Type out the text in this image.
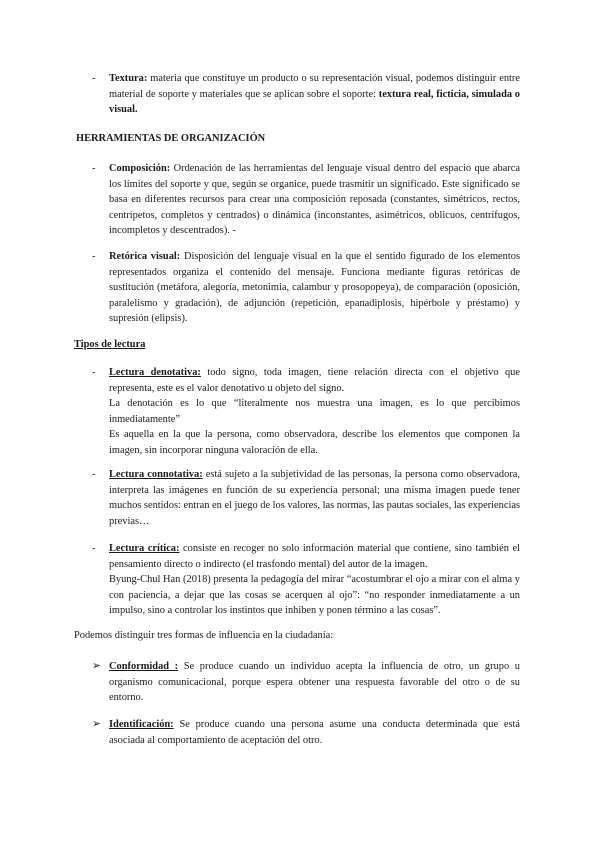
-	Textura: materia que constituye un producto o su representación visual, podemos distinguir entre material de soporte y materiales que se aplican sobre el soporte: textura real, ficticia, simulada o visual.

HERRAMIENTAS DE ORGANIZACIÓN
-	Composición: Ordenación de las herramientas del lenguaje visual dentro del espacio que abarca los límites del soporte y que, según se organice, puede trasmitir un significado. Este significado se basa en diferentes recursos para crear una composición reposada (constantes, simétricos, rectos, centrípetos, completos y centrados) o dinámica (inconstantes, asimétricos, oblicuos, centrífugos, incompletos y descentrados). -

-	Retórica visual: Disposición del lenguaje visual en la que el sentido figurado de los elementos representados organiza el contenido del mensaje. Funciona mediante figuras retóricas de sustitución (metáfora, alegoría, metonimia, calambur y prosopopeya), de comparación (oposición, paralelismo y gradación), de adjunción (repetición, epanadiplosis, hipérbole y préstamo) y supresión (elipsis).

Tipos de lectura
-	Lectura denotativa: todo signo, toda imagen, tiene relación directa con el objetivo que representa, este es el valor denotativo u objeto del signo.

La denotación es lo que “literalmente nos muestra una imagen, es lo que percibimos inmediatamente”

Es aquella en la que la persona, como observadora, describe los elementos que componen la imagen, sin incorporar ninguna valoración de ella.

-	Lectura connotativa: está sujeto a la subjetividad de las personas, la persona como observadora, interpreta las imágenes en función de su experiencia personal; una misma imagen puede tener muchos sentidos: entran en el juego de los valores, las normas, las pautas sociales, las experiencias previas…

-	Lectura crítica: consiste en recoger no solo información material que contiene, sino también el pensamiento directo o indirecto (el trasfondo mental) del autor de la imagen.

Byung-Chul Han (2018) presenta la pedagogía del mirar “acostumbrar el ojo a mirar con el alma y con paciencia, a dejar que las cosas se acerquen al ojo”: “no responder inmediatamente a un impulso, sino a controlar los instintos que inhiben y ponen término a las cosas”.

Podemos distinguir tres formas de influencia en la ciudadanía:

➢ Conformidad : Se produce cuando un individuo acepta la influencia de otro, un grupo u organismo comunicacional, porque espera obtener una respuesta favorable del otro o de su entorno.

➢ Identificación: Se produce cuando una persona asume una conducta determinada que está asociada al comportamiento de aceptación del otro.
